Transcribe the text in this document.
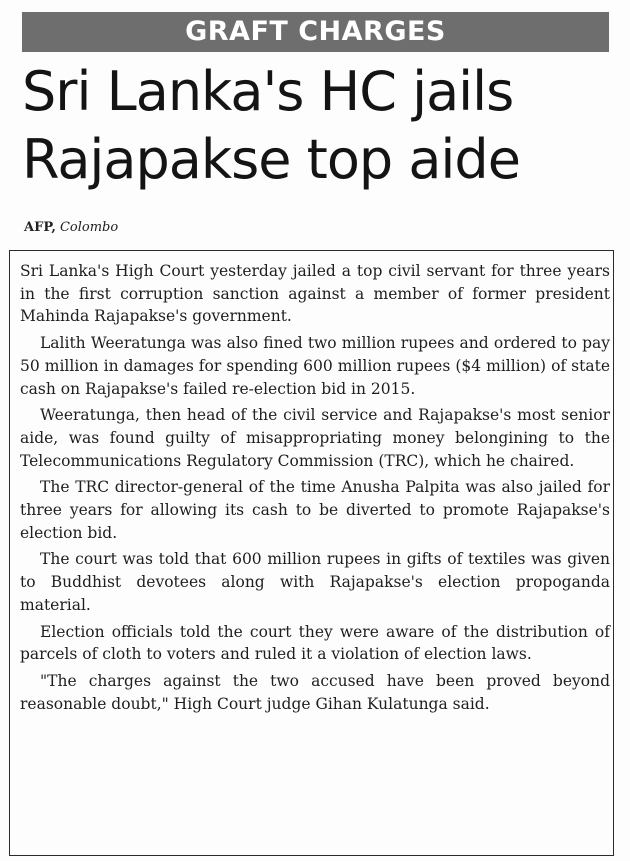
GRAFT CHARGES
Sri Lanka's HC jails Rajapakse top aide
AFP, Colombo

Sri Lanka's High Court yesterday jailed a top civil servant for three years in the first corruption sanction against a member of former president Mahinda Rajapakse's government.

Lalith Weeratunga was also fined two million rupees and ordered to pay 50 million in damages for spending 600 million rupees ($4 million) of state cash on Rajapakse's failed re-election bid in 2015.

Weeratunga, then head of the civil service and Rajapakse's most senior aide, was found guilty of misappropriating money belongining to the Telecommunications Regulatory Commission (TRC), which he chaired.

The TRC director-general of the time Anusha Palpita was also jailed for three years for allowing its cash to be diverted to promote Rajapakse's election bid.

The court was told that 600 million rupees in gifts of textiles was given to Buddhist devotees along with Rajapakse's election propoganda material.

Election officials told the court they were aware of the distribution of parcels of cloth to voters and ruled it a violation of election laws.

"The charges against the two accused have been proved beyond reasonable doubt," High Court judge Gihan Kulatunga said.
